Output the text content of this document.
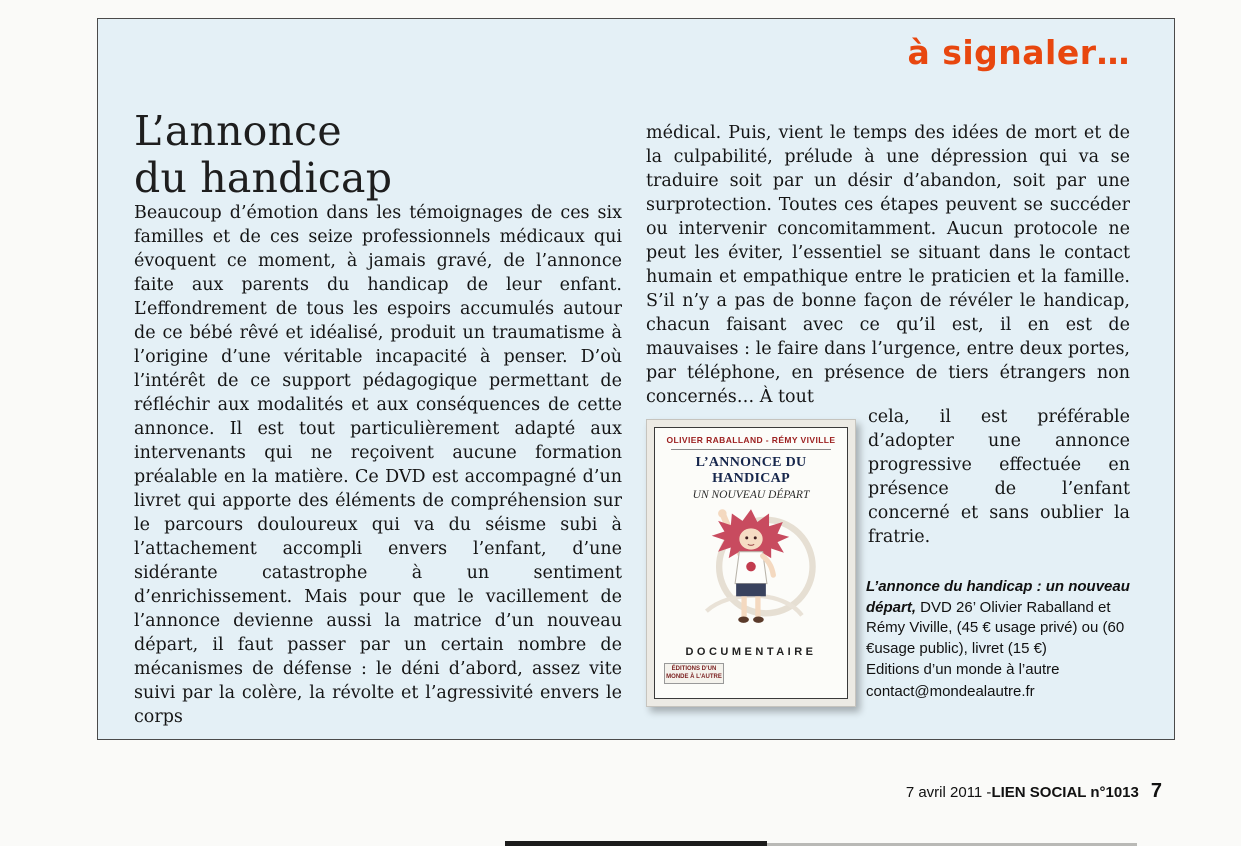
à signaler…
L’annonce
du handicap

Beaucoup d’émotion dans les témoignages de ces six familles et de ces seize professionnels médicaux qui évoquent ce moment, à jamais gravé, de l’annonce faite aux parents du handicap de leur enfant. L’effondrement de tous les espoirs accumulés autour de ce bébé rêvé et idéalisé, produit un traumatisme à l’origine d’une véritable incapacité à penser. D’où l’intérêt de ce support pédagogique permettant de réfléchir aux modalités et aux conséquences de cette annonce. Il est tout particulièrement adapté aux intervenants qui ne reçoivent aucune formation préalable en la matière. Ce DVD est accompagné d’un livret qui apporte des éléments de compréhension sur le parcours douloureux qui va du séisme subi à l’attachement accompli envers l’enfant, d’une sidérante catastrophe à un sentiment d’enrichissement. Mais pour que le vacillement de l’annonce devienne aussi la matrice d’un nouveau départ, il faut passer par un certain nombre de mécanismes de défense : le déni d’abord, assez vite suivi par la colère, la révolte et l’agressivité envers le corps

médical. Puis, vient le temps des idées de mort et de la culpabilité, prélude à une dépression qui va se traduire soit par un désir d’abandon, soit par une surprotection. Toutes ces étapes peuvent se succéder ou intervenir concomitamment. Aucun protocole ne peut les éviter, l’essentiel se situant dans le contact humain et empathique entre le praticien et la famille. S’il n’y a pas de bonne façon de révéler le handicap, chacun faisant avec ce qu’il est, il en est de mauvaises : le faire dans l’urgence, entre deux portes, par téléphone, en présence de tiers étrangers non concernés… À tout

cela, il est préférable d’adopter une annonce progressive effectuée en présence de l’enfant concerné et sans oublier la fratrie.

OLIVIER RABALLAND - RÉMY VIVILLE
L’ANNONCE DU HANDICAP
UN NOUVEAU DÉPART
DOCUMENTAIRE
ÉDITIONS D’UN MONDE À L’AUTRE
L’annonce du handicap : un nouveau départ, DVD 26’ Olivier Raballand et Rémy Viville, (45 € usage privé) ou (60 €usage public), livret (15 €)
Editions d’un monde à l’autre
contact@mondealautre.fr
7 avril 2011 - LIEN SOCIAL n°1013 7
